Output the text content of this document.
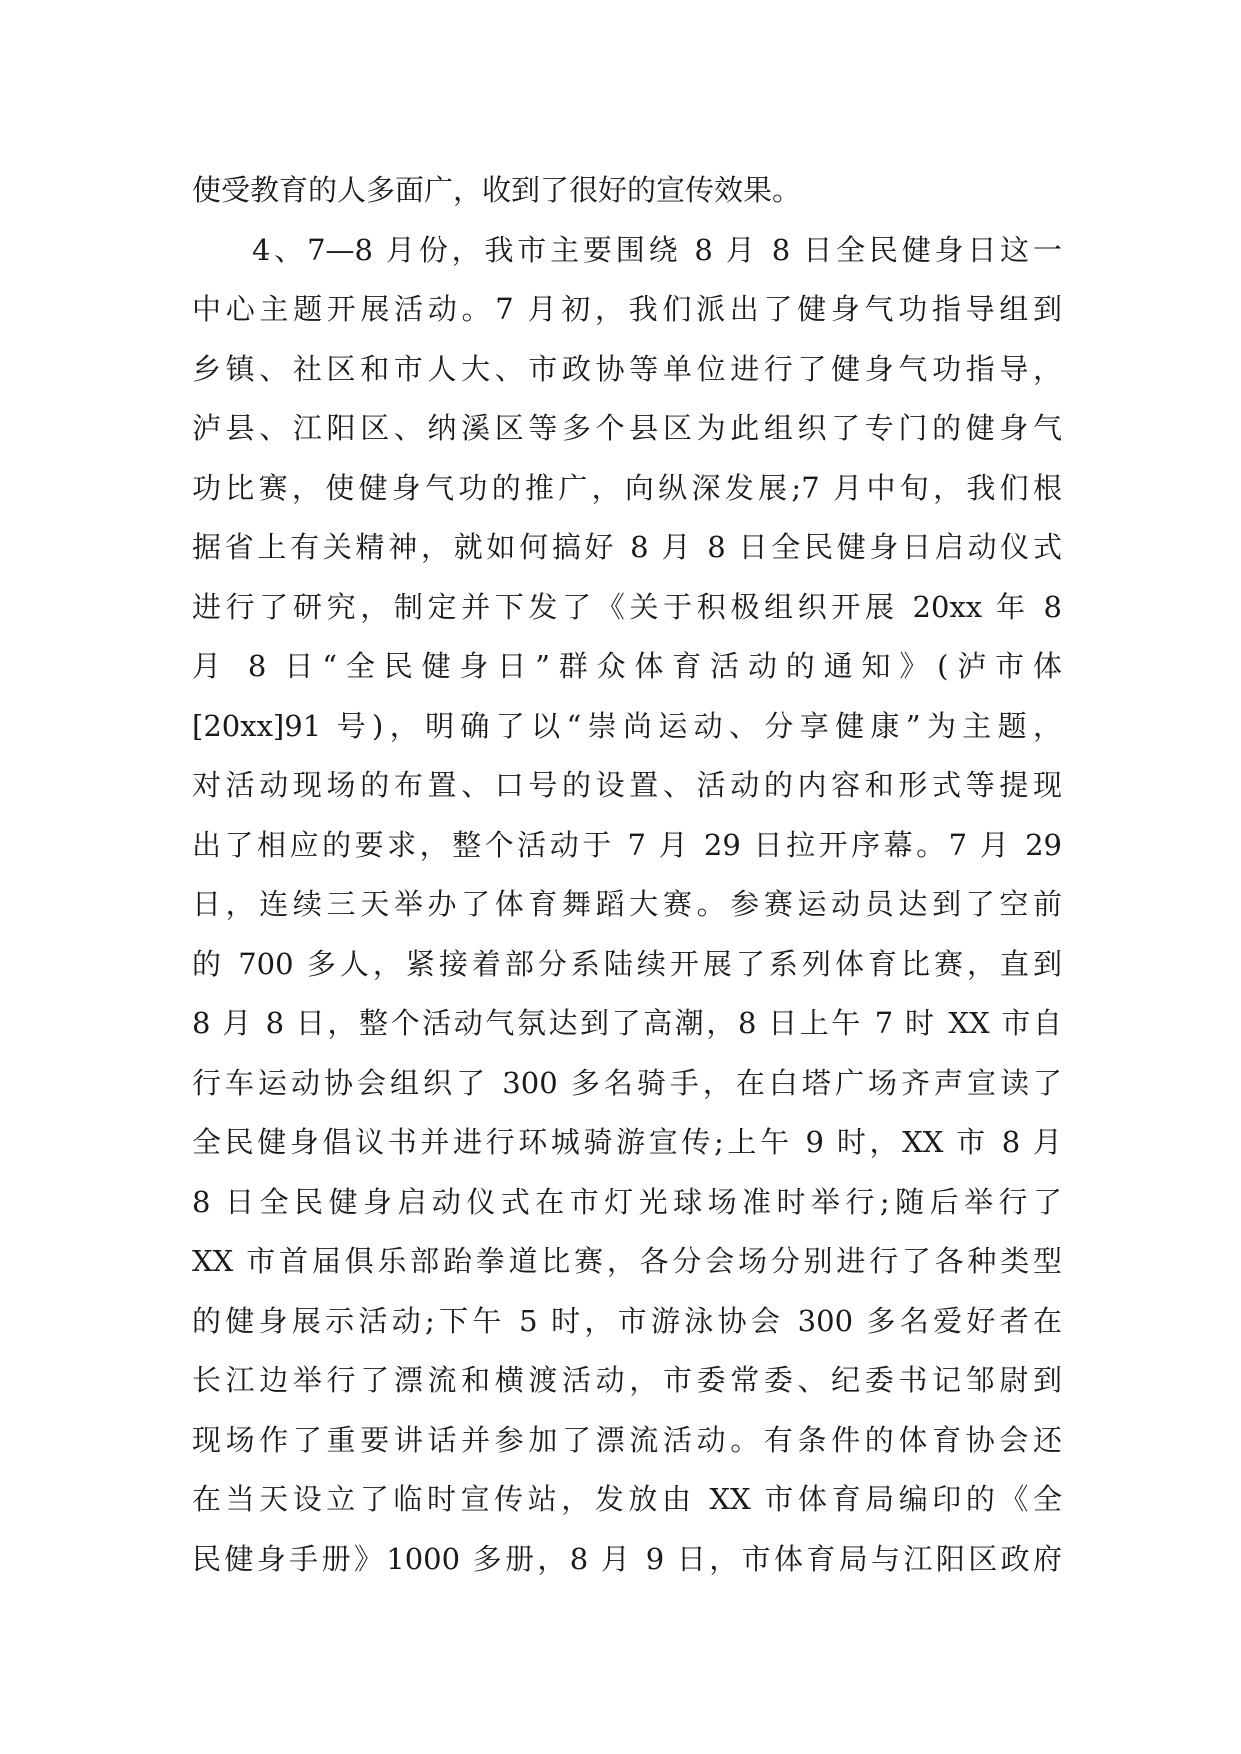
使受教育的人多面广，收到了很好的宣传效果。
4、7—8 月份，我市主要围绕 8 月 8 日全民健身日这一
中心主题开展活动。7 月初，我们派出了健身气功指导组到
乡镇、社区和市人大、市政协等单位进行了健身气功指导，
泸县、江阳区、纳溪区等多个县区为此组织了专门的健身气
功比赛，使健身气功的推广，向纵深发展;7 月中旬，我们根
据省上有关精神，就如何搞好 8 月 8 日全民健身日启动仪式
进行了研究，制定并下发了《关于积极组织开展 20xx 年 8
月 8 日“全民健身日”群众体育活动的通知》(泸市体
[20xx]91 号)，明确了以“崇尚运动、分享健康”为主题，
对活动现场的布置、口号的设置、活动的内容和形式等提现
出了相应的要求，整个活动于 7 月 29 日拉开序幕。7 月 29
日，连续三天举办了体育舞蹈大赛。参赛运动员达到了空前
的 700 多人，紧接着部分系陆续开展了系列体育比赛，直到
8 月 8 日，整个活动气氛达到了高潮，8 日上午 7 时 XX 市自
行车运动协会组织了 300 多名骑手，在白塔广场齐声宣读了
全民健身倡议书并进行环城骑游宣传;上午 9 时，XX 市 8 月
8 日全民健身启动仪式在市灯光球场准时举行;随后举行了
XX 市首届俱乐部跆拳道比赛，各分会场分别进行了各种类型
的健身展示活动;下午 5 时，市游泳协会 300 多名爱好者在
长江边举行了漂流和横渡活动，市委常委、纪委书记邹尉到
现场作了重要讲话并参加了漂流活动。有条件的体育协会还
在当天设立了临时宣传站，发放由 XX 市体育局编印的《全
民健身手册》1000 多册，8 月 9 日，市体育局与江阳区政府
